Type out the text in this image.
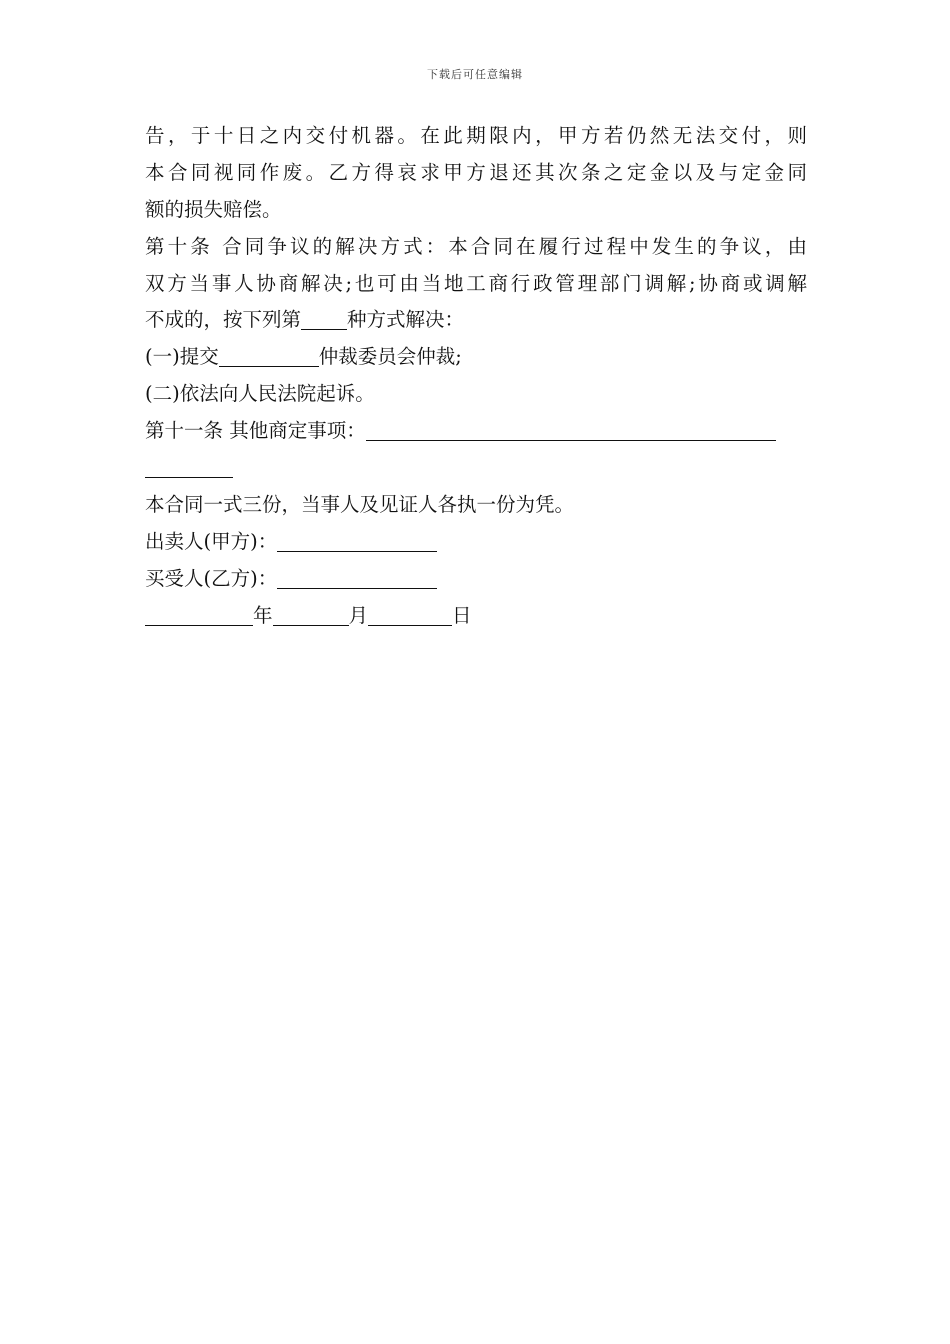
下载后可任意编辑
告，于十日之内交付机器。在此期限内，甲方若仍然无法交付，则
本合同视同作废。乙方得哀求甲方退还其次条之定金以及与定金同
额的损失赔偿。
第十条 合同争议的解决方式：本合同在履行过程中发生的争议，由
双方当事人协商解决;也可由当地工商行政管理部门调解;协商或调解
不成的，按下列第 种方式解决：
(一)提交	仲裁委员会仲裁;
(二)依法向人民法院起诉。
第十一条 其他商定事项：
本合同一式三份，当事人及见证人各执一份为凭。
出卖人(甲方)：
买受人(乙方)：
年	月	日
